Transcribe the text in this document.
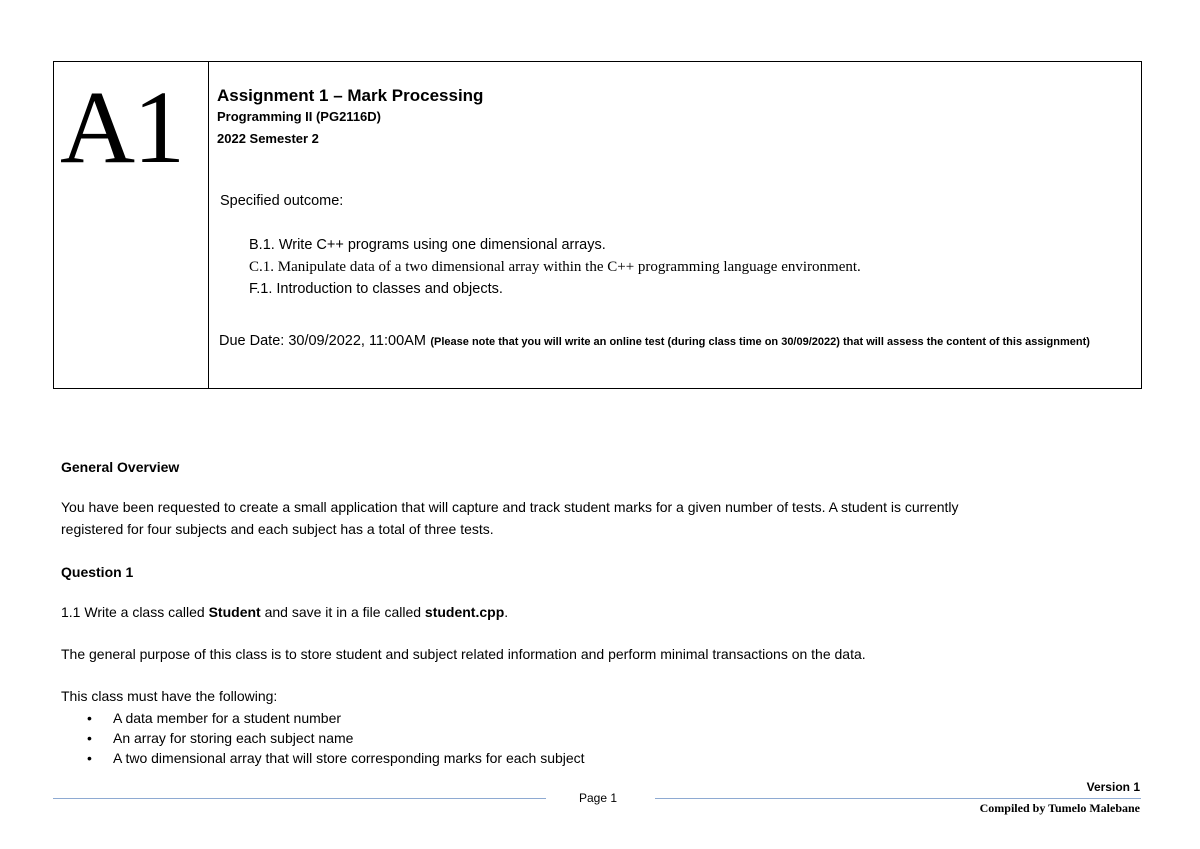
A1 Assignment 1 – Mark Processing
Programming II (PG2116D)
2022 Semester 2
Specified outcome:
B.1. Write C++ programs using one dimensional arrays.
C.1. Manipulate data of a two dimensional array within the C++ programming language environment.
F.1. Introduction to classes and objects.
Due Date: 30/09/2022, 11:00AM (Please note that you will write an online test (during class time on 30/09/2022) that will assess the content of this assignment)
General Overview
You have been requested to create a small application that will capture and track student marks for a given number of tests. A student is currently
registered for four subjects and each subject has a total of three tests.
Question 1
1.1 Write a class called Student and save it in a file called student.cpp.
The general purpose of this class is to store student and subject related information and perform minimal transactions on the data.
This class must have the following:
•	A data member for a student number
•	An array for storing each subject name
•	A two dimensional array that will store corresponding marks for each subject
Page 1
Version 1
Compiled by Tumelo Malebane
